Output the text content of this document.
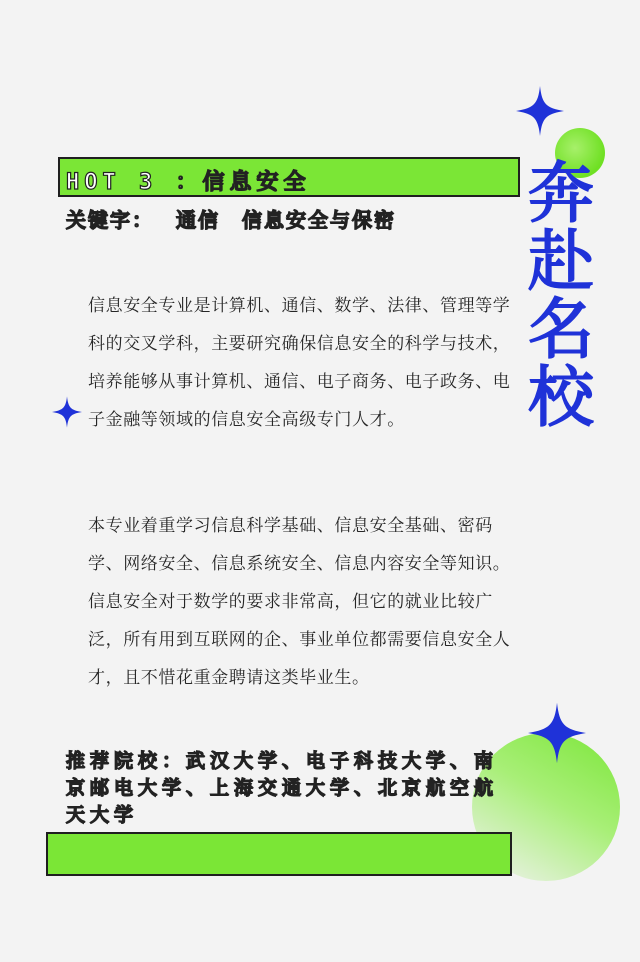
HOT 3 ：信息安全
关键字： 通信 信息安全与保密 奔赴名校
信息安全专业是计算机、通信、数学、法律、管理等学科的交叉学科，主要研究确保信息安全的科学与技术，培养能够从事计算机、通信、电子商务、电子政务、电子金融等领域的信息安全高级专门人才。
本专业着重学习信息科学基础、信息安全基础、密码学、网络安全、信息系统安全、信息内容安全等知识。信息安全对于数学的要求非常高，但它的就业比较广泛，所有用到互联网的企、事业单位都需要信息安全人才，且不惜花重金聘请这类毕业生。
推荐院校：武汉大学、电子科技大学、南京邮电大学、上海交通大学、北京航空航天大学
